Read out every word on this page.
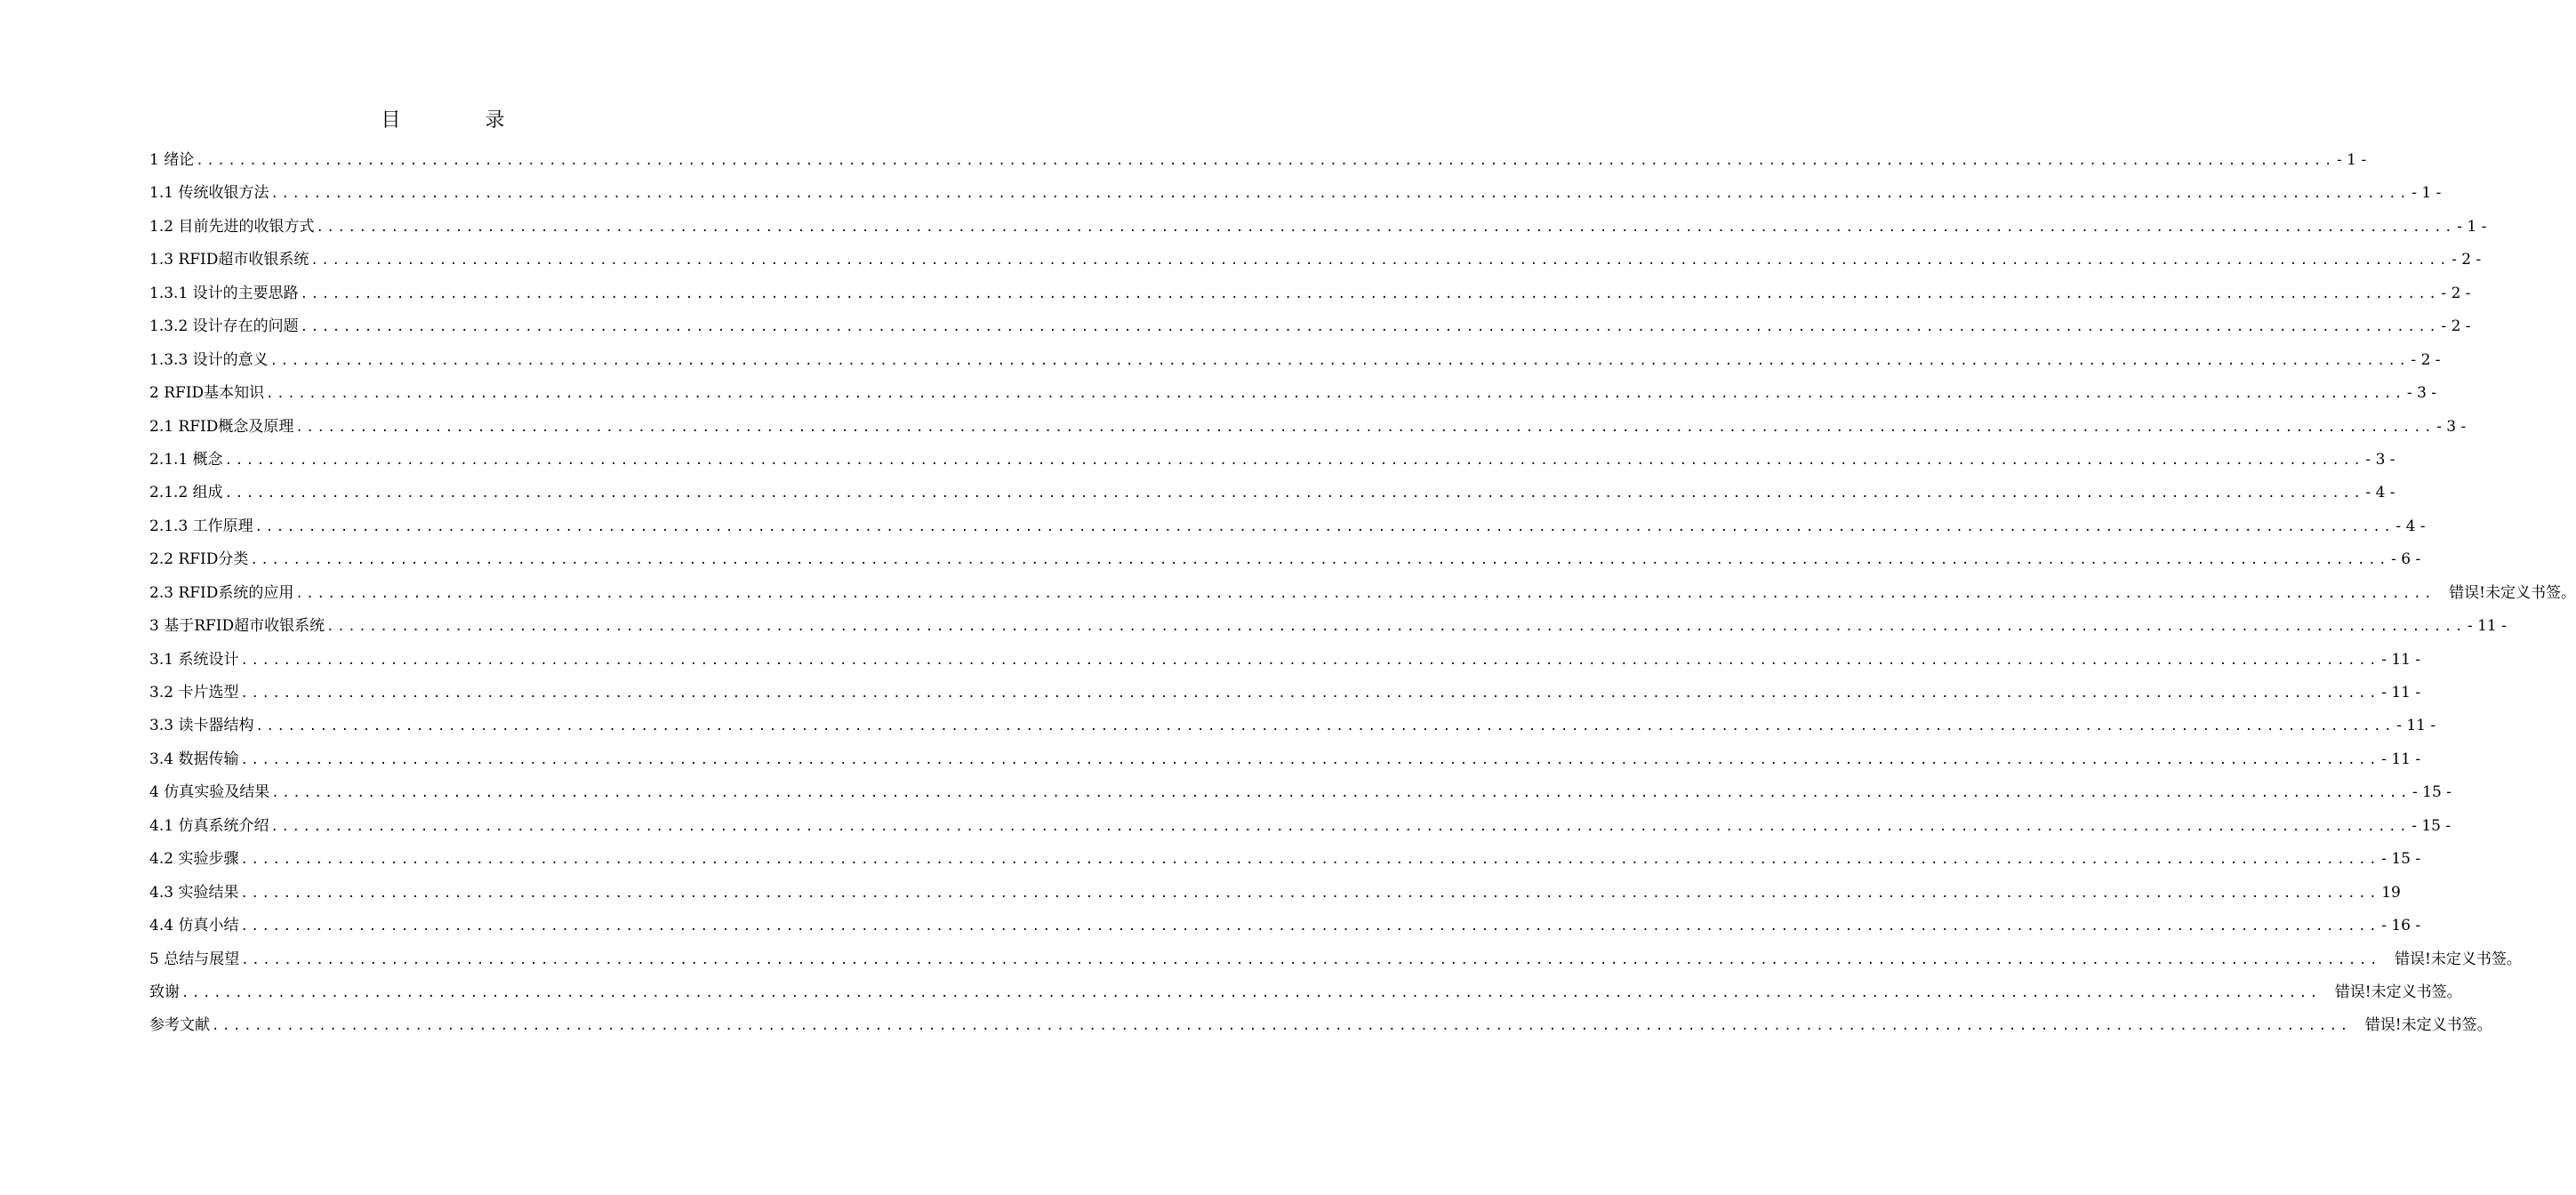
目 录
1 绪论 ........................................................................................................................................................................................................ - 1 -
1.1 传统收银方法 ........................................................................................................................................................................................................ - 1 -
1.2 目前先进的收银方式 ........................................................................................................................................................................................................ - 1 -
1.3 RFID超市收银系统 ........................................................................................................................................................................................................ - 2 -
1.3.1 设计的主要思路 ........................................................................................................................................................................................................ - 2 -
1.3.2 设计存在的问题 ........................................................................................................................................................................................................ - 2 -
1.3.3 设计的意义 ........................................................................................................................................................................................................ - 2 -
2 RFID基本知识 ........................................................................................................................................................................................................ - 3 -
2.1 RFID概念及原理 ........................................................................................................................................................................................................ - 3 -
2.1.1 概念 ........................................................................................................................................................................................................ - 3 -
2.1.2 组成 ........................................................................................................................................................................................................ - 4 -
2.1.3 工作原理 ........................................................................................................................................................................................................ - 4 -
2.2 RFID分类 ........................................................................................................................................................................................................ - 6 -
2.3 RFID系统的应用 ........................................................................................................................................................................................................ 错误!未定义书签。
3 基于RFID超市收银系统 ........................................................................................................................................................................................................ - 11 -
3.1 系统设计 ........................................................................................................................................................................................................ - 11 -
3.2 卡片选型 ........................................................................................................................................................................................................ - 11 -
3.3 读卡器结构 ........................................................................................................................................................................................................ - 11 -
3.4 数据传输 ........................................................................................................................................................................................................ - 11 -
4 仿真实验及结果 ........................................................................................................................................................................................................ - 15 -
4.1 仿真系统介绍 ........................................................................................................................................................................................................ - 15 -
4.2 实验步骤 ........................................................................................................................................................................................................ - 15 -
4.3 实验结果 ........................................................................................................................................................................................................ 19
4.4 仿真小结 ........................................................................................................................................................................................................ - 16 -
5 总结与展望 ........................................................................................................................................................................................................ 错误!未定义书签。
致谢 ........................................................................................................................................................................................................ 错误!未定义书签。
参考文献 ........................................................................................................................................................................................................ 错误!未定义书签。
